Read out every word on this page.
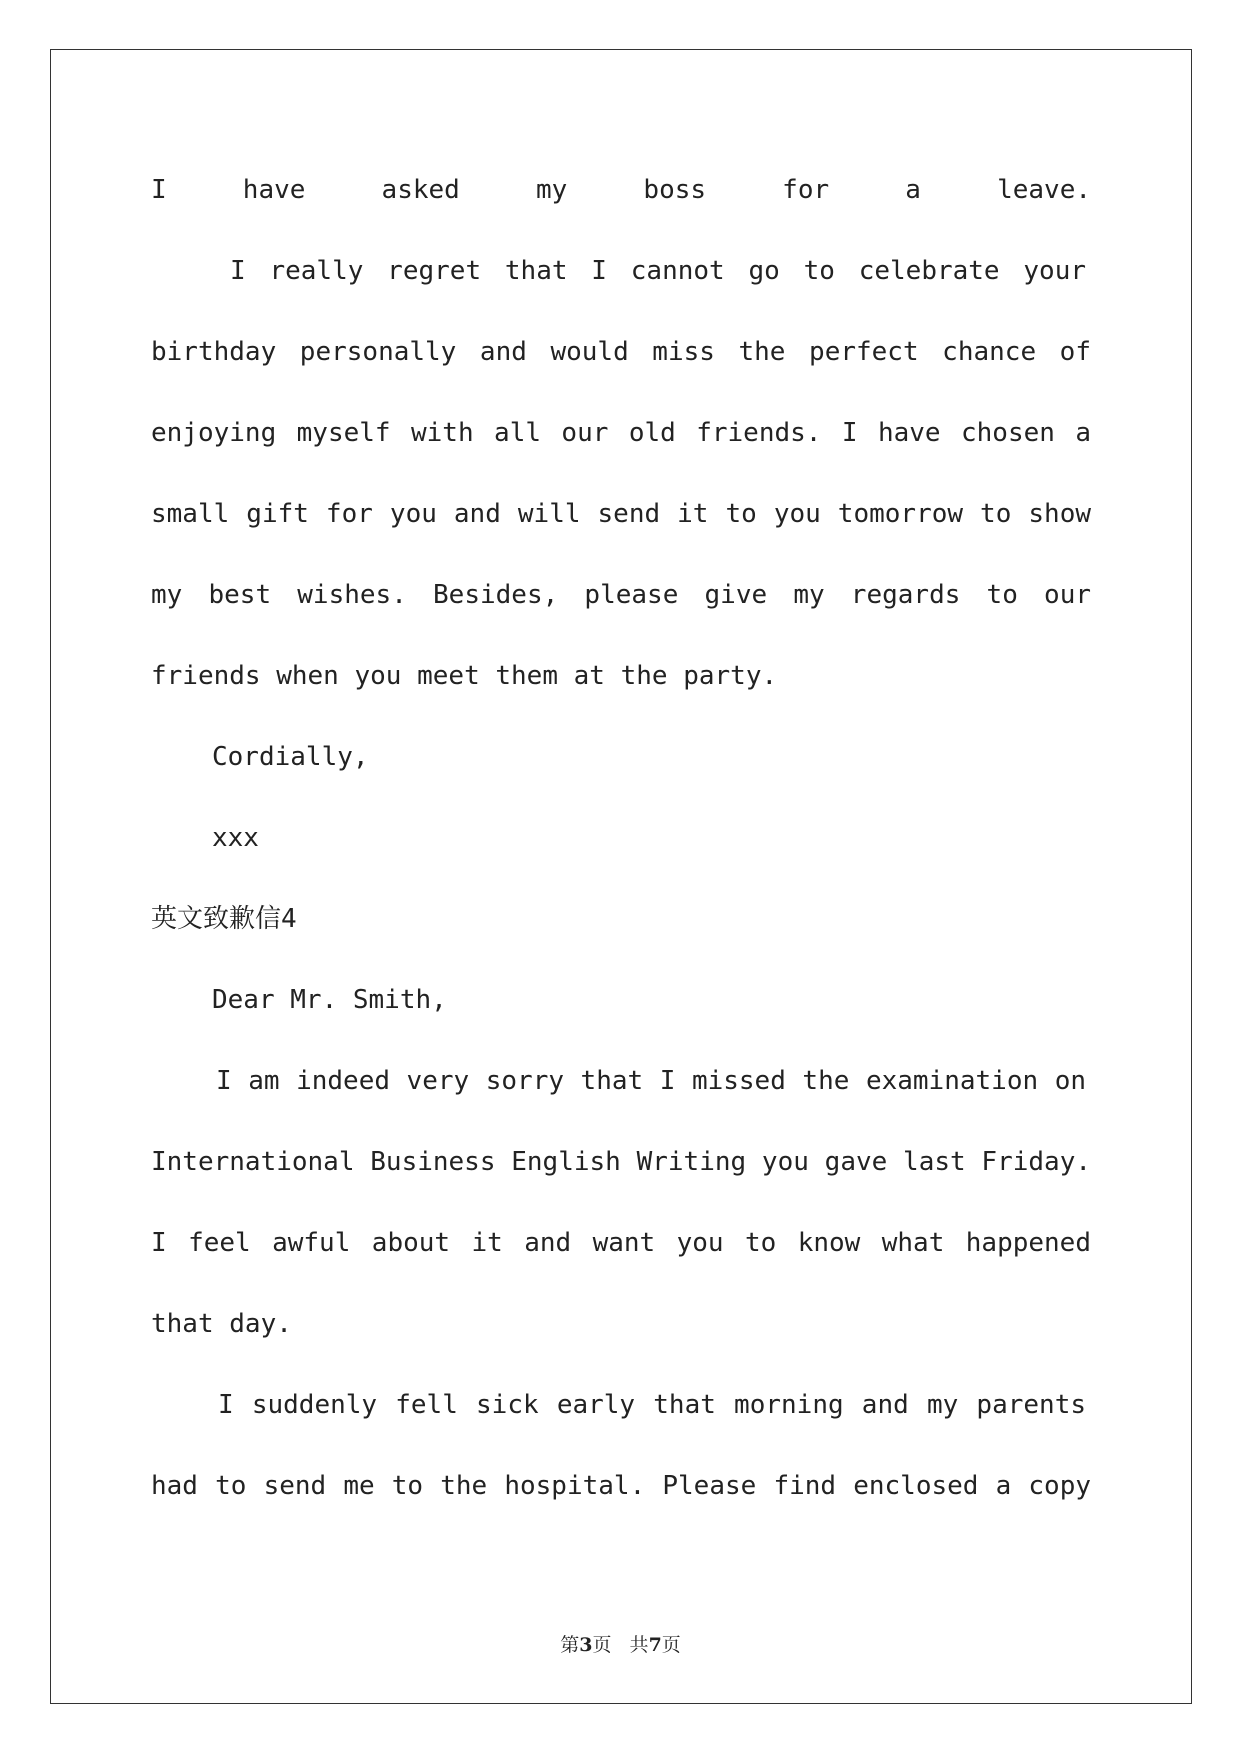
I have asked my boss for a leave.
I really regret that I cannot go to celebrate your
birthday personally and would miss the perfect chance of
enjoying myself with all our old friends. I have chosen a
small gift for you and will send it to you tomorrow to show
my best wishes. Besides, please give my regards to our
friends when you meet them at the party.
Cordially,
xxx
英文致歉信4
Dear Mr. Smith,
I am indeed very sorry that I missed the examination on
International Business English Writing you gave last Friday.
I feel awful about it and want you to know what happened
that day.
I suddenly fell sick early that morning and my parents
had to send me to the hospital. Please find enclosed a copy
第3页   共7页
